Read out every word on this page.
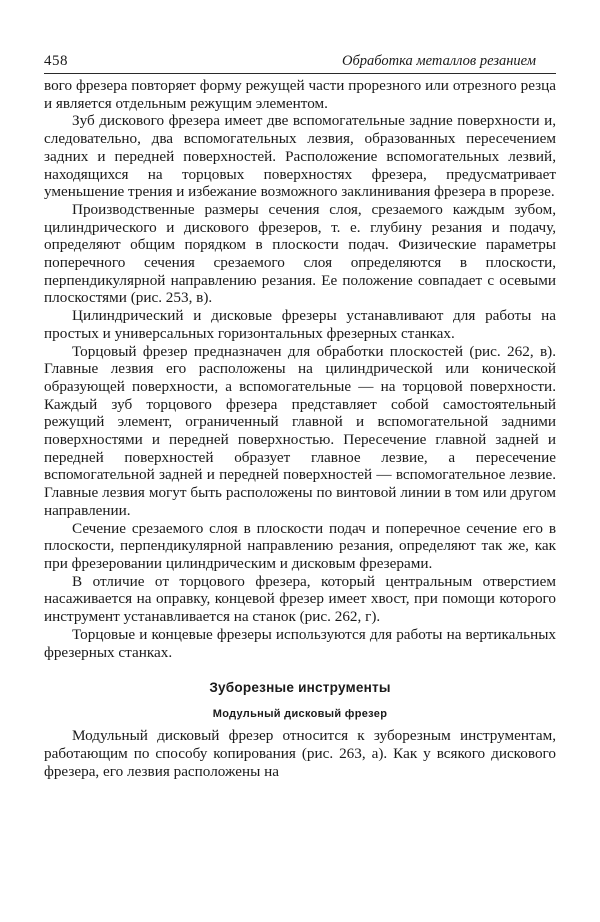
458	Обработка металлов резанием

вого фрезера повторяет форму режущей части прорезного или отрезного резца и является отдельным режущим элементом.

Зуб дискового фрезера имеет две вспомогательные задние поверхности и, следовательно, два вспомогательных лезвия, образованных пересечением задних и передней поверхностей. Расположение вспомогательных лезвий, находящихся на торцовых поверхностях фрезера, предусматривает уменьшение трения и избежание возможного заклинивания фрезера в прорезе.

Производственные размеры сечения слоя, срезаемого каждым зубом, цилиндрического и дискового фрезеров, т. е. глубину резания и подачу, определяют общим порядком в плоскости подач. Физические параметры поперечного сечения срезаемого слоя определяются в плоскости, перпендикулярной направлению резания. Ее положение совпадает с осевыми плоскостями (рис. 253, в).

Цилиндрический и дисковые фрезеры устанавливают для работы на простых и универсальных горизонтальных фрезерных станках.

Торцовый фрезер предназначен для обработки плоскостей (рис. 262, в). Главные лезвия его расположены на цилиндрической или конической образующей поверхности, а вспомогательные — на торцовой поверхности. Каждый зуб торцового фрезера представляет собой самостоятельный режущий элемент, ограниченный главной и вспомогательной задними поверхностями и передней поверхностью. Пересечение главной задней и передней поверхностей образует главное лезвие, а пересечение вспомогательной задней и передней поверхностей — вспомогательное лезвие. Главные лезвия могут быть расположены по винтовой линии в том или другом направлении.

Сечение срезаемого слоя в плоскости подач и поперечное сечение его в плоскости, перпендикулярной направлению резания, определяют так же, как при фрезеровании цилиндрическим и дисковым фрезерами.

В отличие от торцового фрезера, который центральным отверстием насаживается на оправку, концевой фрезер имеет хвост, при помощи которого инструмент устанавливается на станок (рис. 262, г).

Торцовые и концевые фрезеры используются для работы на вертикальных фрезерных станках.

Зуборезные инструменты
Модульный дисковый фрезер

Модульный дисковый фрезер относится к зуборезным инструментам, работающим по способу копирования (рис. 263, а). Как у всякого дискового фрезера, его лезвия расположены на
